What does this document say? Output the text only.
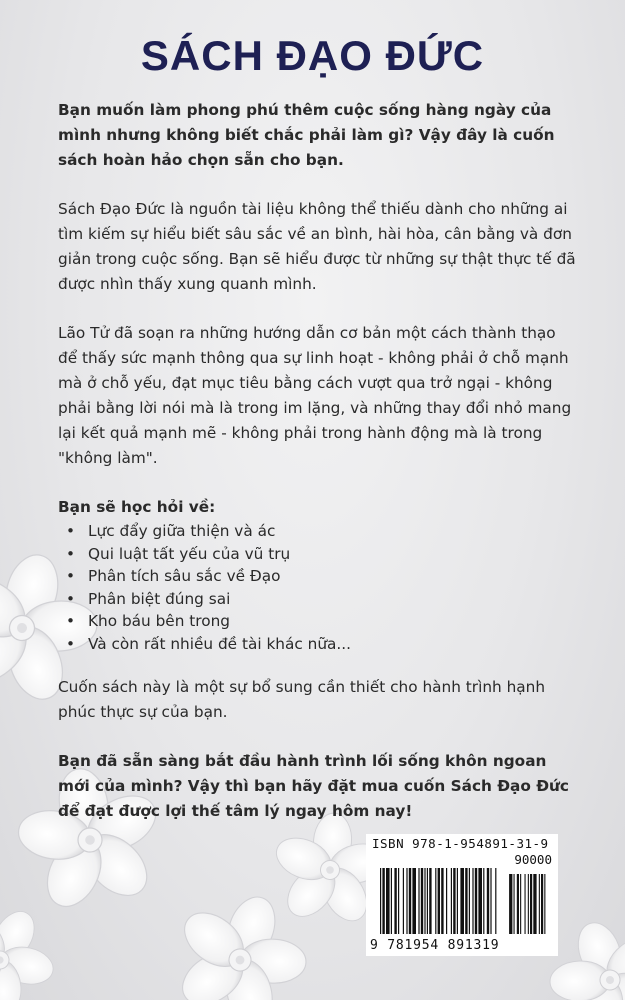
SÁCH ĐẠO ĐỨC

Bạn muốn làm phong phú thêm cuộc sống hàng ngày của mình nhưng không biết chắc phải làm gì? Vậy đây là cuốn sách hoàn hảo chọn sẵn cho bạn.

Sách Đạo Đức là nguồn tài liệu không thể thiếu dành cho những ai tìm kiếm sự hiểu biết sâu sắc về an bình, hài hòa, cân bằng và đơn giản trong cuộc sống. Bạn sẽ hiểu được từ những sự thật thực tế đã được nhìn thấy xung quanh mình.

Lão Tử đã soạn ra những hướng dẫn cơ bản một cách thành thạo để thấy sức mạnh thông qua sự linh hoạt - không phải ở chỗ mạnh mà ở chỗ yếu, đạt mục tiêu bằng cách vượt qua trở ngại - không phải bằng lời nói mà là trong im lặng, và những thay đổi nhỏ mang lại kết quả mạnh mẽ - không phải trong hành động mà là trong "không làm".

Bạn sẽ học hỏi về:
• Lực đẩy giữa thiện và ác
• Qui luật tất yếu của vũ trụ
• Phân tích sâu sắc về Đạo
• Phân biệt đúng sai
• Kho báu bên trong
• Và còn rất nhiều đề tài khác nữa...

Cuốn sách này là một sự bổ sung cần thiết cho hành trình hạnh phúc thực sự của bạn.

Bạn đã sẵn sàng bắt đầu hành trình lối sống khôn ngoan mới của mình? Vậy thì bạn hãy đặt mua cuốn Sách Đạo Đức để đạt được lợi thế tâm lý ngay hôm nay!

ISBN 978-1-954891-31-9
90000
9 781954 891319
